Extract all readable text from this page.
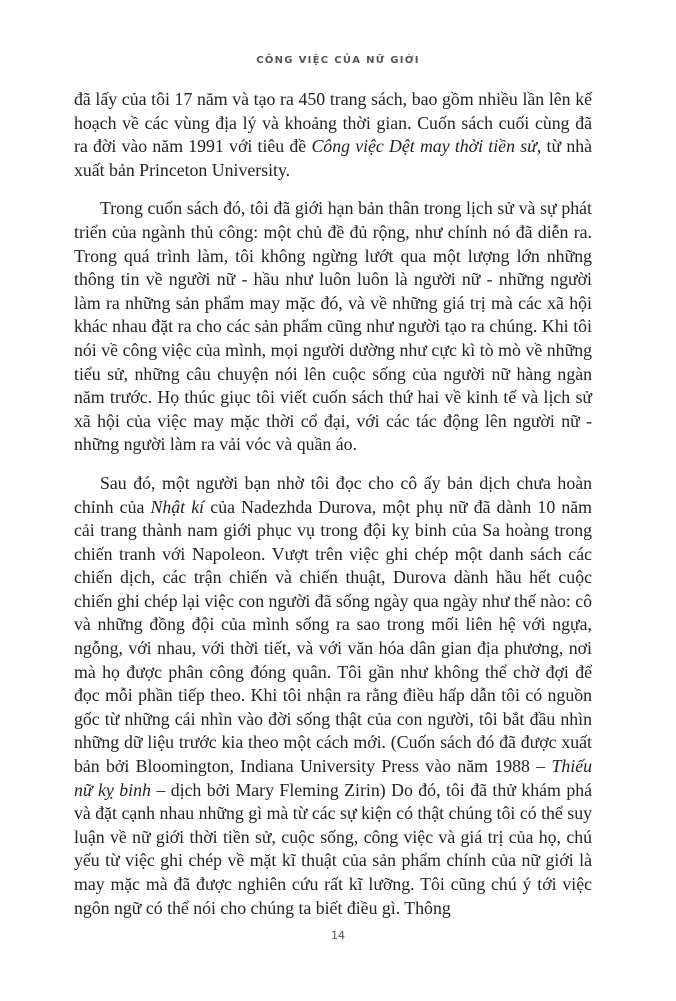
CÔNG VIỆC CỦA NỮ GIỚI

đã lấy của tôi 17 năm và tạo ra 450 trang sách, bao gồm nhiều lần lên kế hoạch về các vùng địa lý và khoảng thời gian. Cuốn sách cuối cùng đã ra đời vào năm 1991 với tiêu đề Công việc Dệt may thời tiền sử, từ nhà xuất bản Princeton University.

Trong cuốn sách đó, tôi đã giới hạn bản thân trong lịch sử và sự phát triển của ngành thủ công: một chủ đề đủ rộng, như chính nó đã diễn ra. Trong quá trình làm, tôi không ngừng lướt qua một lượng lớn những thông tin về người nữ - hầu như luôn luôn là người nữ - những người làm ra những sản phẩm may mặc đó, và về những giá trị mà các xã hội khác nhau đặt ra cho các sản phẩm cũng như người tạo ra chúng. Khi tôi nói về công việc của mình, mọi người dường như cực kì tò mò về những tiểu sử, những câu chuyện nói lên cuộc sống của người nữ hàng ngàn năm trước. Họ thúc giục tôi viết cuốn sách thứ hai về kinh tế và lịch sử xã hội của việc may mặc thời cổ đại, với các tác động lên người nữ - những người làm ra vải vóc và quần áo.

Sau đó, một người bạn nhờ tôi đọc cho cô ấy bản dịch chưa hoàn chỉnh của Nhật kí của Nadezhda Durova, một phụ nữ đã dành 10 năm cải trang thành nam giới phục vụ trong đội kỵ binh của Sa hoàng trong chiến tranh với Napoleon. Vượt trên việc ghi chép một danh sách các chiến dịch, các trận chiến và chiến thuật, Durova dành hầu hết cuộc chiến ghi chép lại việc con người đã sống ngày qua ngày như thế nào: cô và những đồng đội của mình sống ra sao trong mối liên hệ với ngựa, ngỗng, với nhau, với thời tiết, và với văn hóa dân gian địa phương, nơi mà họ được phân công đóng quân. Tôi gần như không thể chờ đợi để đọc mỗi phần tiếp theo. Khi tôi nhận ra rằng điều hấp dẫn tôi có nguồn gốc từ những cái nhìn vào đời sống thật của con người, tôi bắt đầu nhìn những dữ liệu trước kia theo một cách mới. (Cuốn sách đó đã được xuất bản bởi Bloomington, Indiana University Press vào năm 1988 – Thiếu nữ kỵ binh – dịch bởi Mary Fleming Zirin) Do đó, tôi đã thử khám phá và đặt cạnh nhau những gì mà từ các sự kiện có thật chúng tôi có thể suy luận về nữ giới thời tiền sử, cuộc sống, công việc và giá trị của họ, chú yếu từ việc ghi chép về mặt kĩ thuật của sản phẩm chính của nữ giới là may mặc mà đã được nghiên cứu rất kĩ lưỡng. Tôi cũng chú ý tới việc ngôn ngữ có thể nói cho chúng ta biết điều gì. Thông

14
